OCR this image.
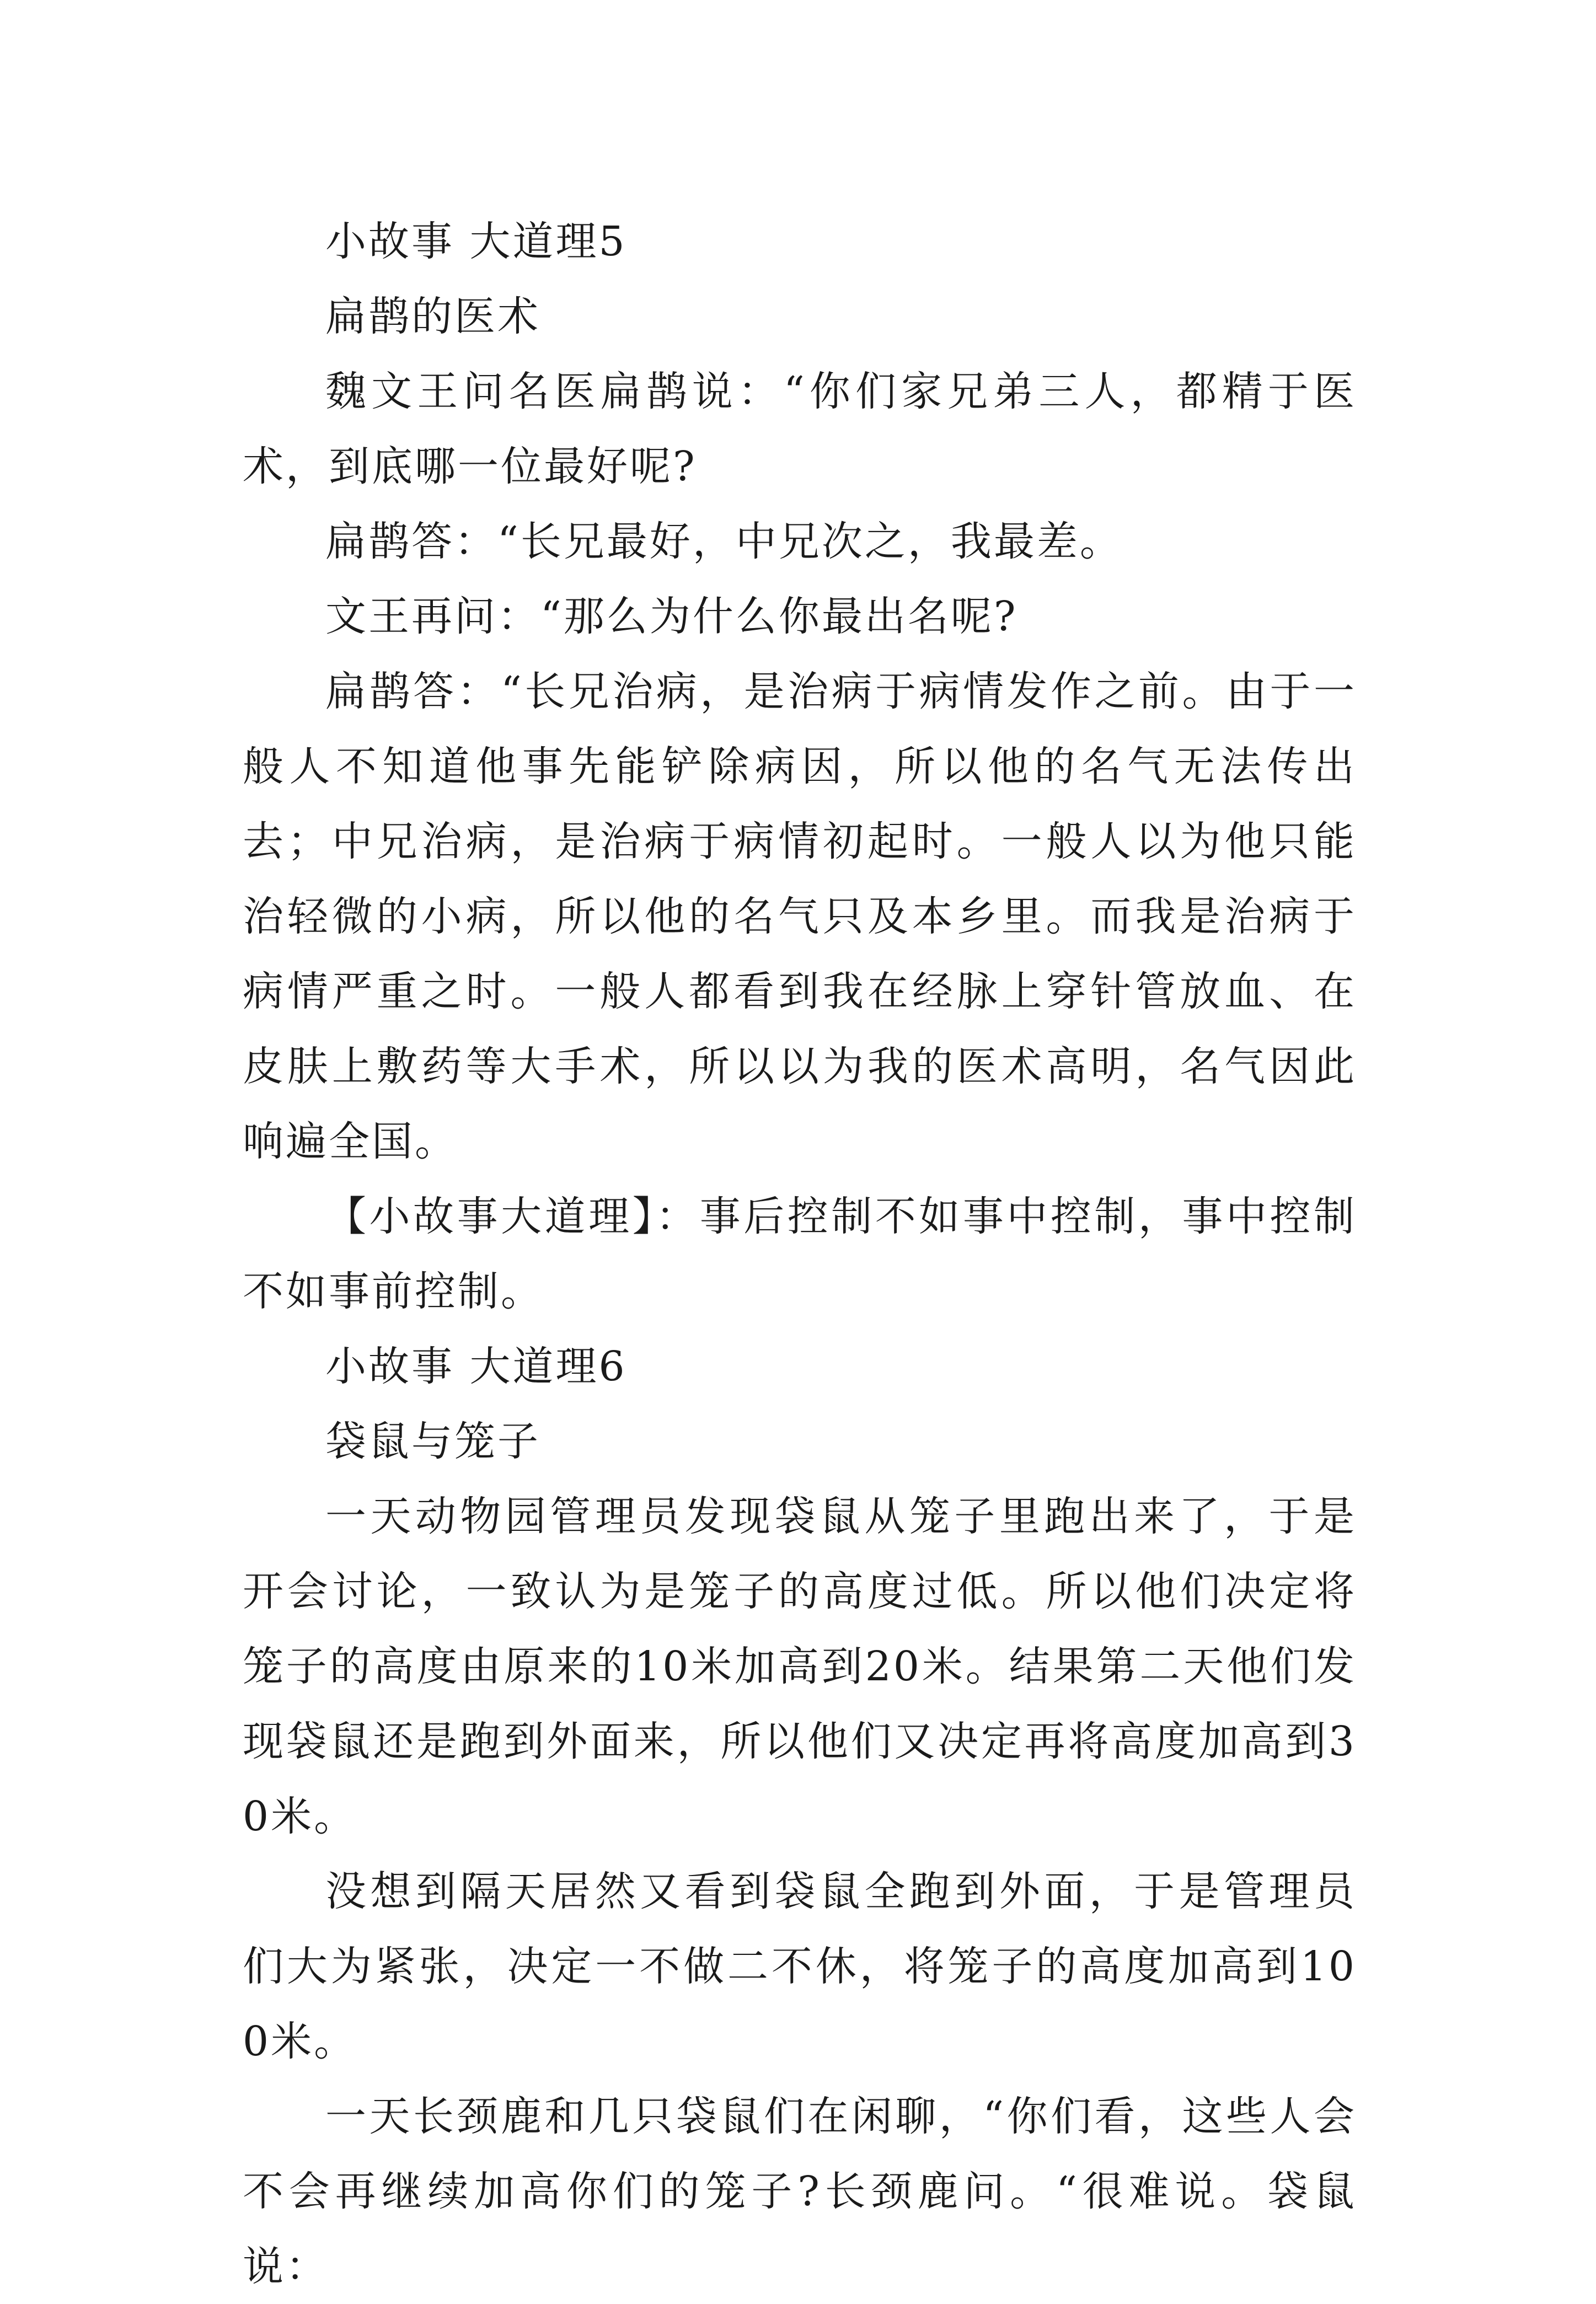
小故事 大道理5

扁鹊的医术

魏文王问名医扁鹊说：“你们家兄弟三人，都精于医术，到底哪一位最好呢?

扁鹊答：“长兄最好，中兄次之，我最差。

文王再问：“那么为什么你最出名呢?

扁鹊答：“长兄治病，是治病于病情发作之前。由于一般人不知道他事先能铲除病因，所以他的名气无法传出去；中兄治病，是治病于病情初起时。一般人以为他只能治轻微的小病，所以他的名气只及本乡里。而我是治病于病情严重之时。一般人都看到我在经脉上穿针管放血、在皮肤上敷药等大手术，所以以为我的医术高明，名气因此响遍全国。

【小故事大道理】：事后控制不如事中控制，事中控制不如事前控制。

小故事 大道理6

袋鼠与笼子

一天动物园管理员发现袋鼠从笼子里跑出来了，于是开会讨论，一致认为是笼子的高度过低。所以他们决定将笼子的高度由原来的10米加高到20米。结果第二天他们发现袋鼠还是跑到外面来，所以他们又决定再将高度加高到30米。

没想到隔天居然又看到袋鼠全跑到外面，于是管理员们大为紧张，决定一不做二不休，将笼子的高度加高到100米。

一天长颈鹿和几只袋鼠们在闲聊，“你们看，这些人会不会再继续加高你们的笼子?长颈鹿问。“很难说。袋鼠说：
